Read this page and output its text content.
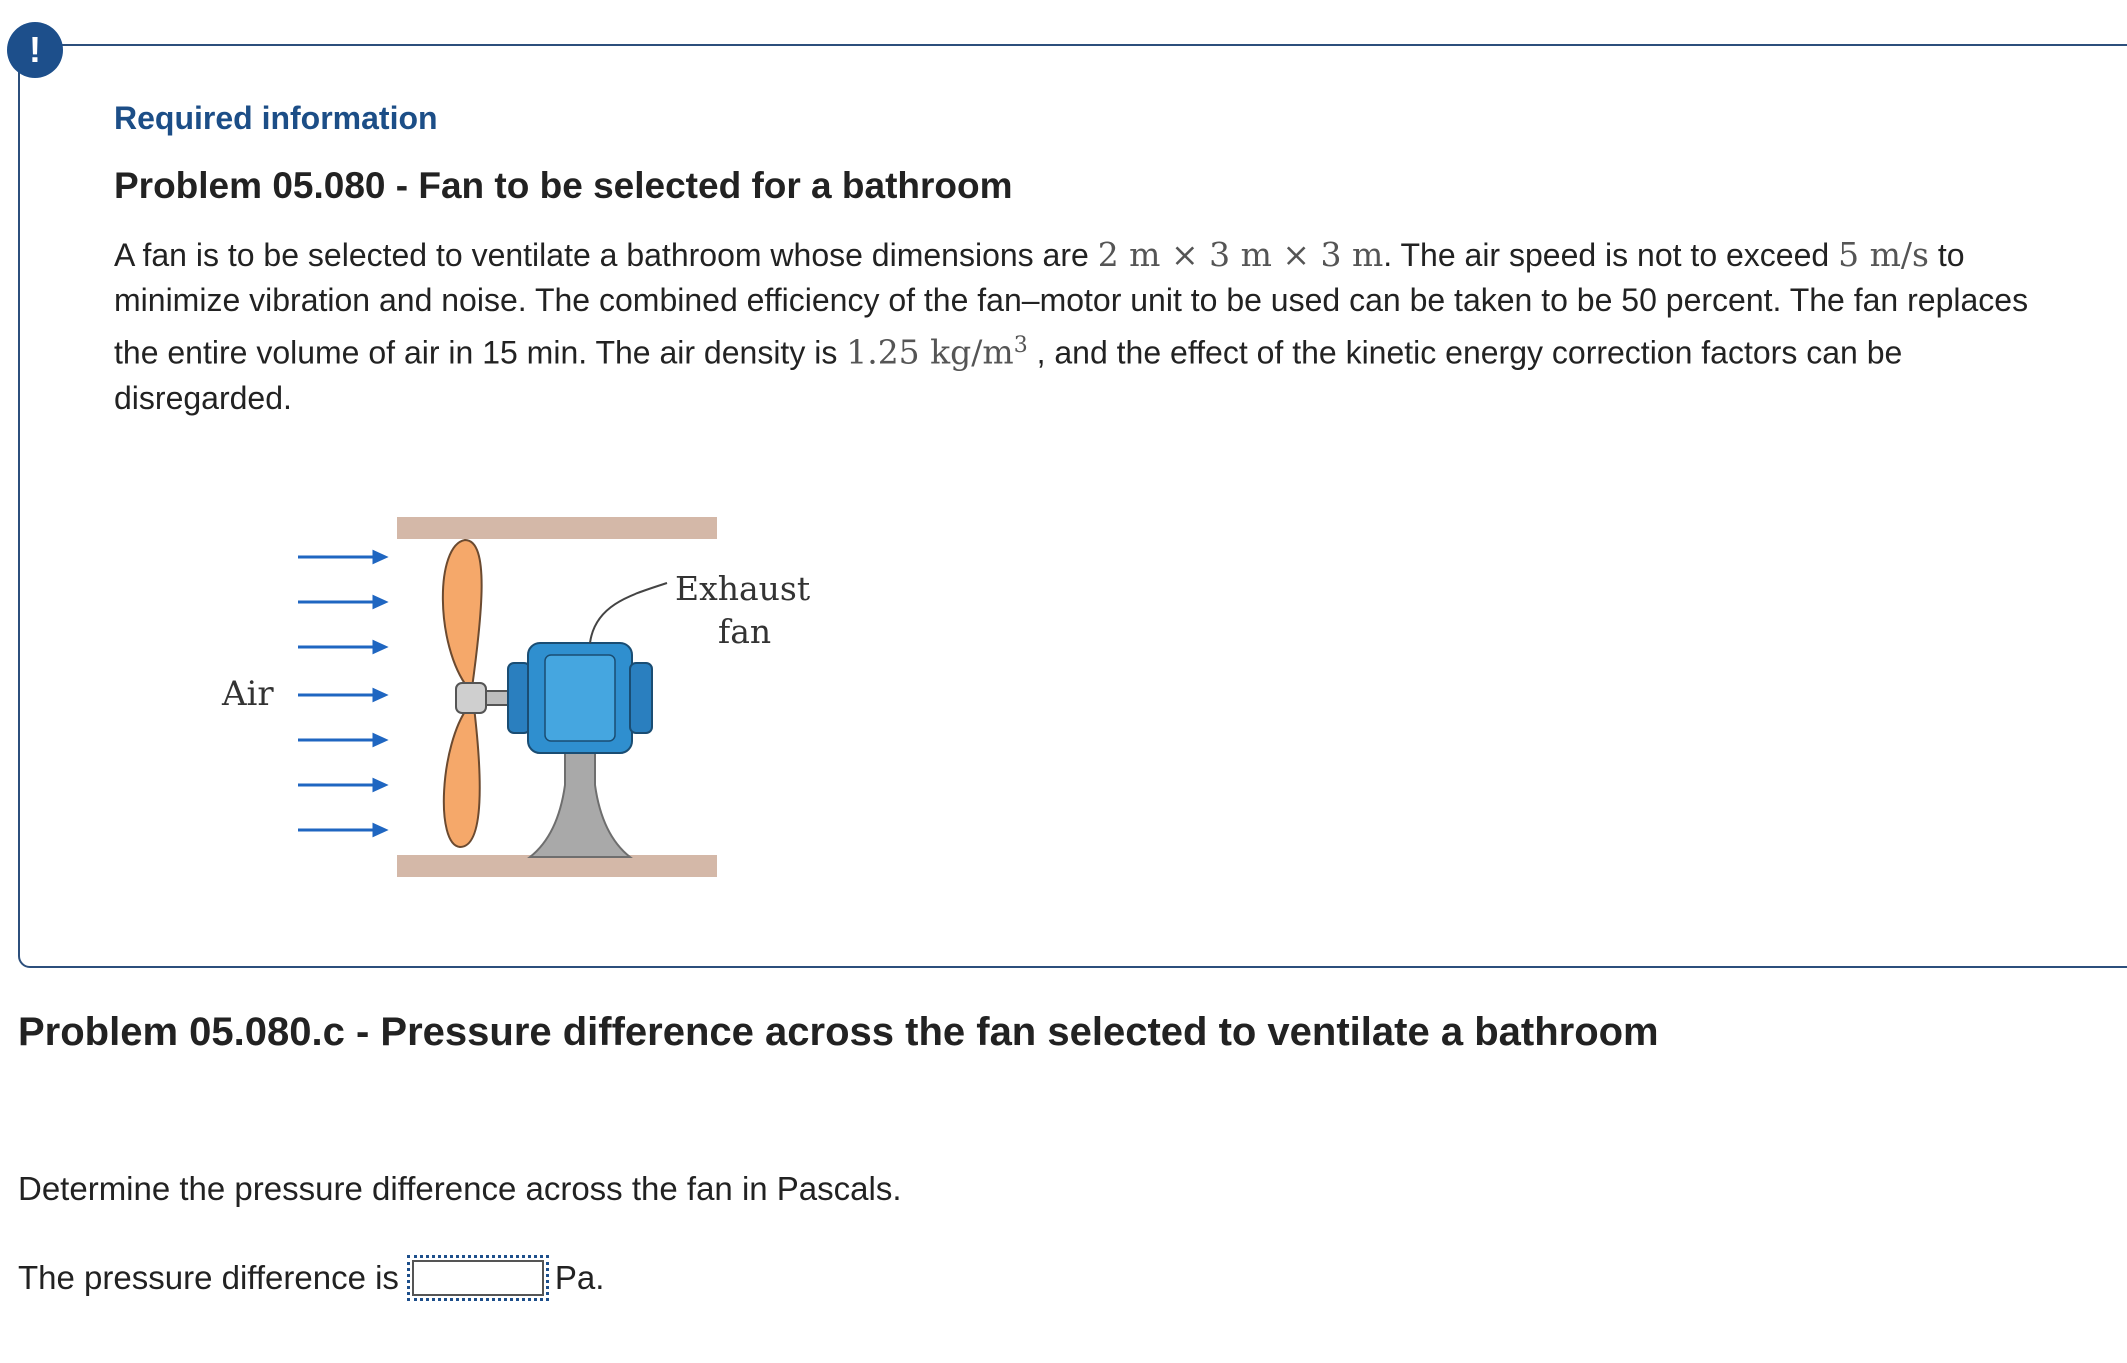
!
Required information
Problem 05.080 - Fan to be selected for a bathroom
A fan is to be selected to ventilate a bathroom whose dimensions are 2 m × 3 m × 3 m. The air speed is not to exceed 5 m/s to minimize vibration and noise. The combined efficiency of the fan–motor unit to be used can be taken to be 50 percent. The fan replaces the entire volume of air in 15 min. The air density is 1.25 $kg/m^3$ , and the effect of the kinetic energy correction factors can be disregarded.
Air
Exhaust
fan
Problem 05.080.c - Pressure difference across the fan selected to ventilate a bathroom
Determine the pressure difference across the fan in Pascals.
The pressure difference is	Pa.
